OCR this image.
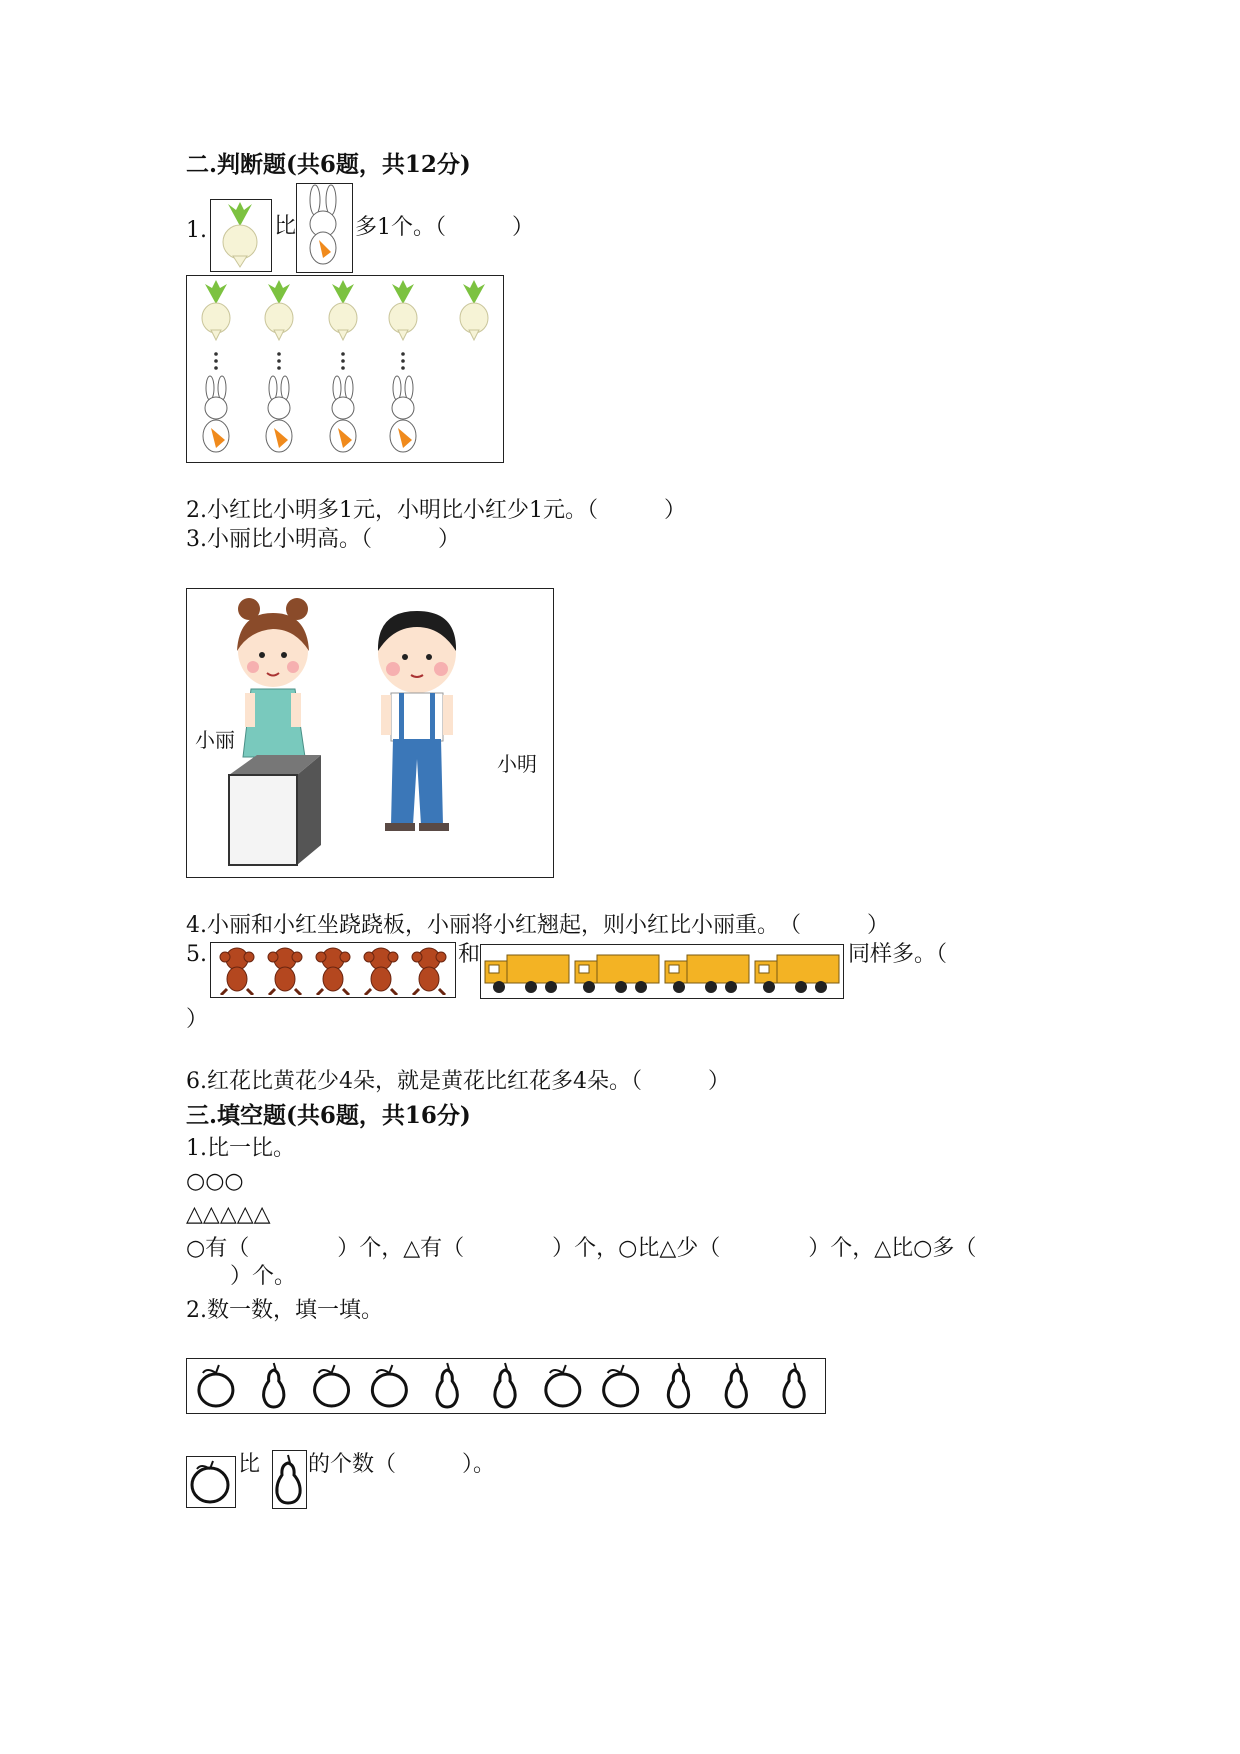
二.判断题(共6题，共12分)
1.	比	多1个。（　　　）
2.小红比小明多1元，小明比小红少1元。（　　　）
3.小丽比小明高。（　　　）
小丽
小明
4.小丽和小红坐跷跷板，小丽将小红翘起，则小红比小丽重。　（　　　）
5.	和	同样多。（
）
6.红花比黄花少4朵，就是黄花比红花多4朵。（　　　）
三.填空题(共6题，共16分)
1.比一比。
○○○
△△△△△
○有（　　　　）个，△有（　　　　）个，○比△少（　　　　）个，△比○多（
　　）个。
2.数一数，填一填。
比 的个数（　　　）。
